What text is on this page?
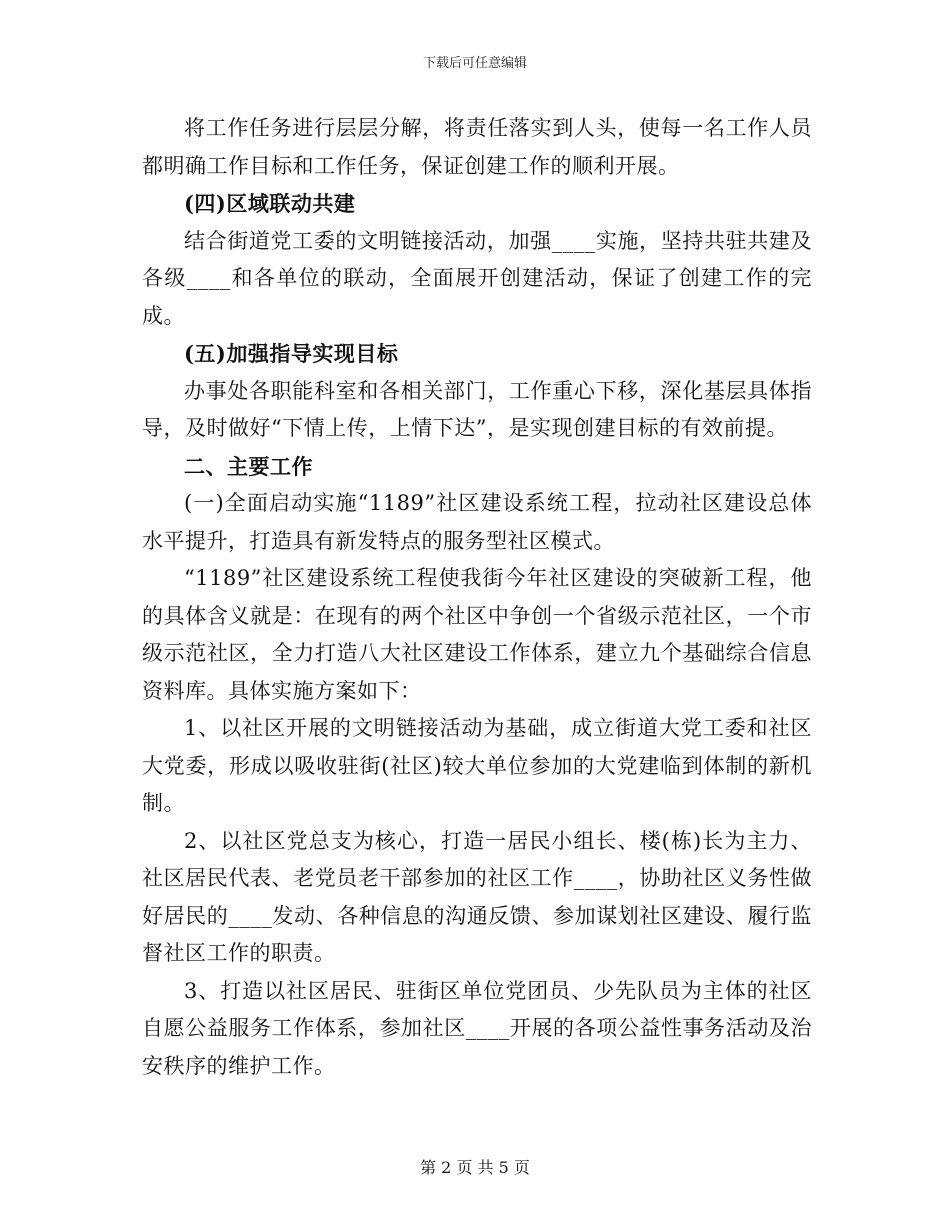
下载后可任意编辑

将工作任务进行层层分解，将责任落实到人头，使每一名工作人员都明确工作目标和工作任务，保证创建工作的顺利开展。

(四)区域联动共建

结合街道党工委的文明链接活动，加强____实施，坚持共驻共建及各级____和各单位的联动，全面展开创建活动，保证了创建工作的完成。

(五)加强指导实现目标

办事处各职能科室和各相关部门，工作重心下移，深化基层具体指导，及时做好“下情上传，上情下达”，是实现创建目标的有效前提。

二、主要工作

(一)全面启动实施“1189”社区建设系统工程，拉动社区建设总体水平提升，打造具有新发特点的服务型社区模式。

“1189”社区建设系统工程使我街今年社区建设的突破新工程，他的具体含义就是：在现有的两个社区中争创一个省级示范社区，一个市级示范社区，全力打造八大社区建设工作体系，建立九个基础综合信息资料库。具体实施方案如下：

1、以社区开展的文明链接活动为基础，成立街道大党工委和社区大党委，形成以吸收驻街(社区)较大单位参加的大党建临到体制的新机制。

2、以社区党总支为核心，打造一居民小组长、楼(栋)长为主力、社区居民代表、老党员老干部参加的社区工作____，协助社区义务性做好居民的____发动、各种信息的沟通反馈、参加谋划社区建设、履行监督社区工作的职责。

3、打造以社区居民、驻街区单位党团员、少先队员为主体的社区自愿公益服务工作体系，参加社区____开展的各项公益性事务活动及治安秩序的维护工作。

第 2 页 共 5 页
